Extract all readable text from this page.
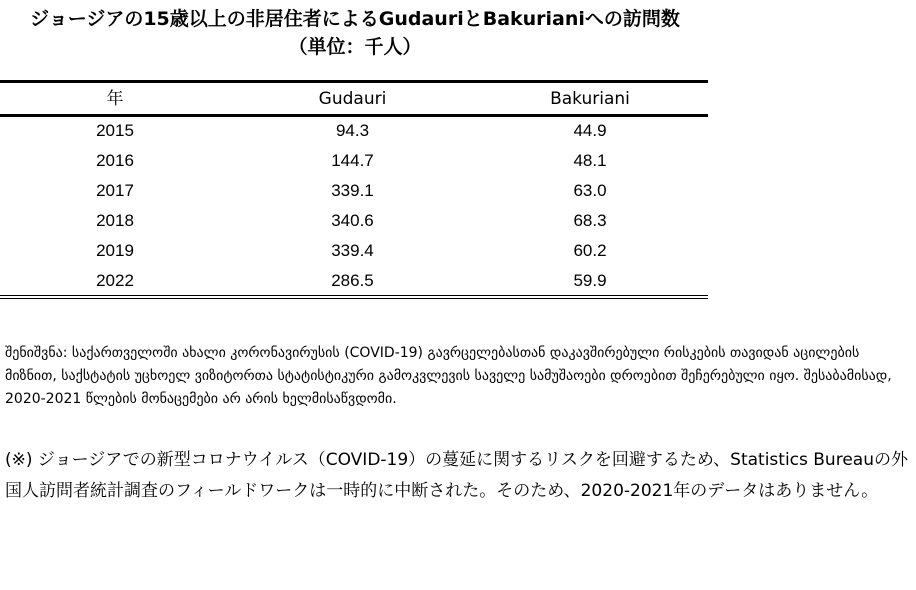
ジョージアの15歳以上の非居住者によるGudauriとBakurianiへの訪問数
（単位：千人）
年	Gudauri	Bakuriani
2015	94.3	44.9
2016	144.7	48.1
2017	339.1	63.0
2018	340.6	68.3
2019	339.4	60.2
2022	286.5	59.9

შენიშვნა: საქართველოში ახალი კორონავირუსის (COVID-19) გავრცელებასთან დაკავშირებული რისკების თავიდან აცილების მიზნით, საქსტატის უცხოელ ვიზიტორთა სტატისტიკური გამოკვლევის საველე სამუშაოები დროებით შეჩერებული იყო. შესაბამისად, 2020-2021 წლების მონაცემები არ არის ხელმისაწვდომი.

(※) ジョージアでの新型コロナウイルス（COVID-19）の蔓延に関するリスクを回避するため、Statistics Bureauの外国人訪問者統計調査のフィールドワークは一時的に中断された。そのため、2020-2021年のデータはありません。
